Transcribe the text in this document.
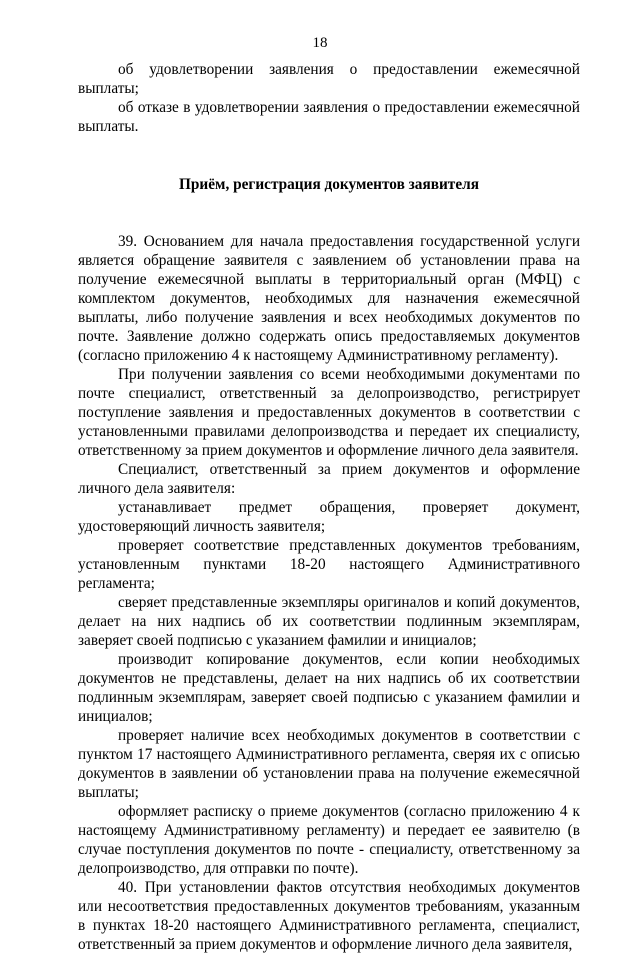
18

об удовлетворении заявления о предоставлении ежемесячной выплаты;

об отказе в удовлетворении заявления о предоставлении ежемесячной выплаты.

Приём, регистрация документов заявителя

39. Основанием для начала предоставления государственной услуги является обращение заявителя с заявлением об установлении права на получение ежемесячной выплаты в территориальный орган (МФЦ) с комплектом документов, необходимых для назначения ежемесячной выплаты, либо получение заявления и всех необходимых документов по почте. Заявление должно содержать опись предоставляемых документов (согласно приложению 4 к настоящему Административному регламенту).

При получении заявления со всеми необходимыми документами по почте специалист, ответственный за делопроизводство, регистрирует поступление заявления и предоставленных документов в соответствии с установленными правилами делопроизводства и передает их специалисту, ответственному за прием документов и оформление личного дела заявителя.

Специалист, ответственный за прием документов и оформление личного дела заявителя:

устанавливает предмет обращения, проверяет документ, удостоверяющий личность заявителя;

проверяет соответствие представленных документов требованиям, установленным пунктами 18-20 настоящего Административного регламента;

сверяет представленные экземпляры оригиналов и копий документов, делает на них надпись об их соответствии подлинным экземплярам, заверяет своей подписью с указанием фамилии и инициалов;

производит копирование документов, если копии необходимых документов не представлены, делает на них надпись об их соответствии подлинным экземплярам, заверяет своей подписью с указанием фамилии и инициалов;

проверяет наличие всех необходимых документов в соответствии с пунктом 17 настоящего Административного регламента, сверяя их с описью документов в заявлении об установлении права на получение ежемесячной выплаты;

оформляет расписку о приеме документов (согласно приложению 4 к настоящему Административному регламенту) и передает ее заявителю (в случае поступления документов по почте - специалисту, ответственному за делопроизводство, для отправки по почте).

40. При установлении фактов отсутствия необходимых документов или несоответствия предоставленных документов требованиям, указанным в пунктах 18-20 настоящего Административного регламента, специалист, ответственный за прием документов и оформление личного дела заявителя,
